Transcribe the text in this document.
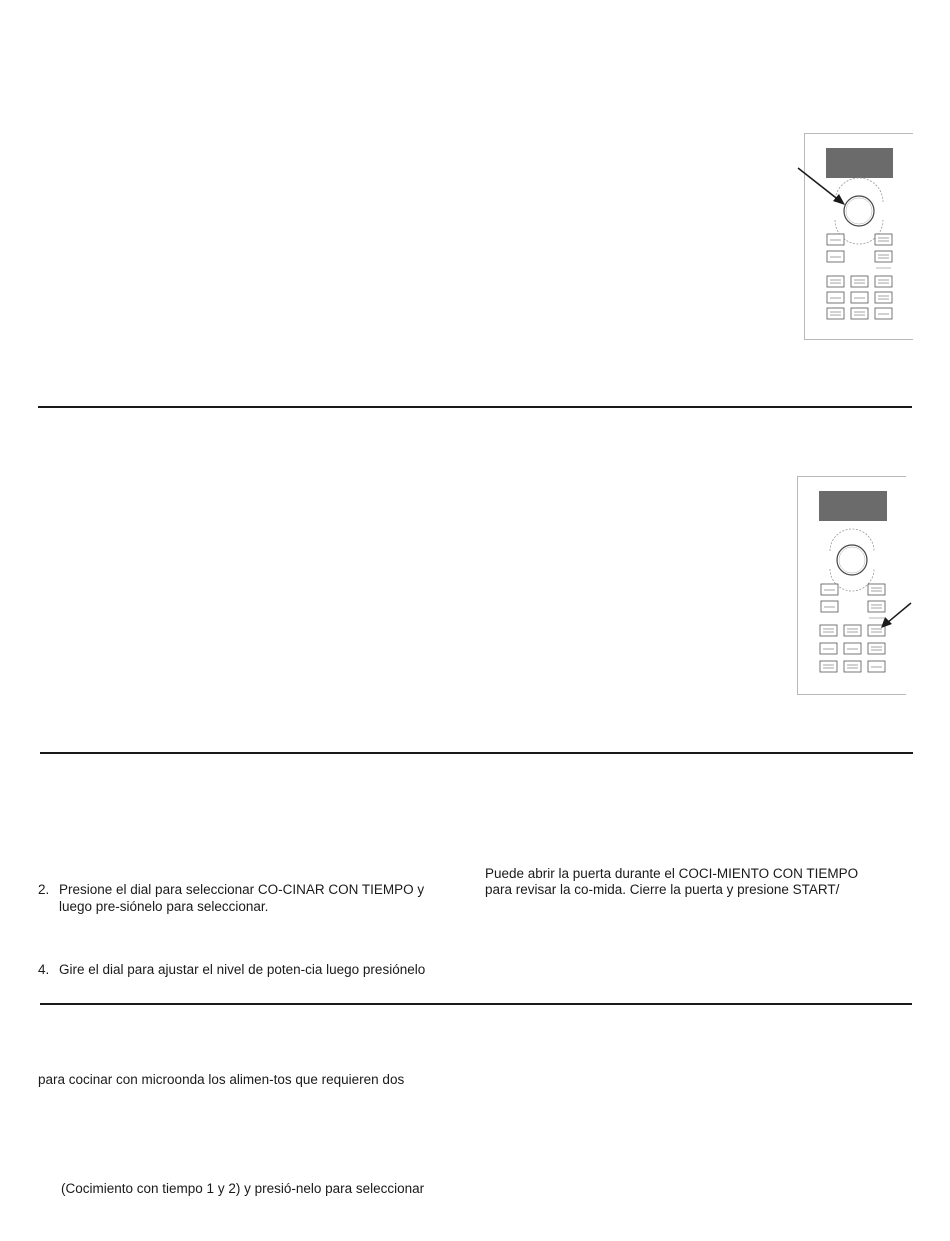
2. Presione el dial para seleccionar CO-CINAR CON TIEMPO y
luego pre-siónelo para seleccionar.
4. Gire el dial para ajustar el nivel de poten-cia luego presiónelo
Puede abrir la puerta durante el COCI-MIENTO CON TIEMPO
para revisar la co-mida. Cierre la puerta y presione START/
para cocinar con microonda los alimen-tos que requieren dos
(Cocimiento con tiempo 1 y 2) y presió-nelo para seleccionar
